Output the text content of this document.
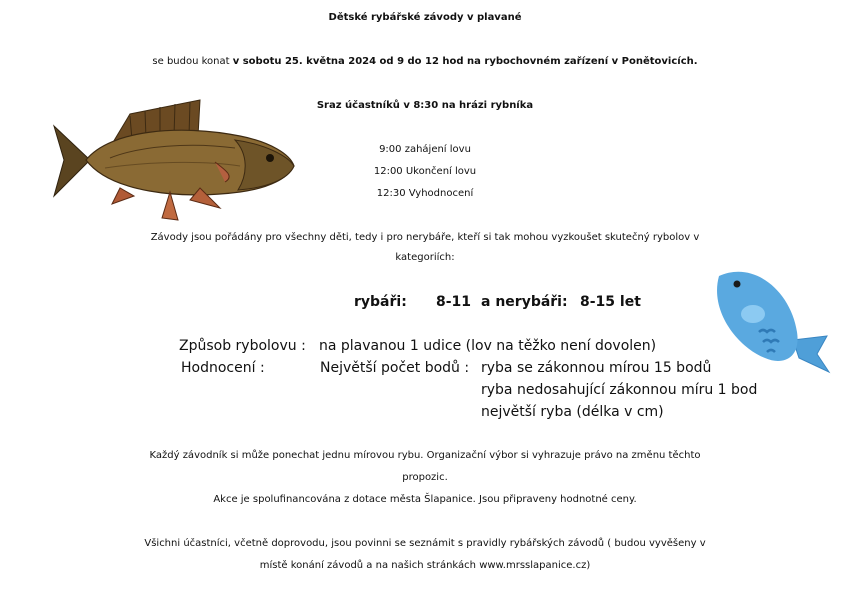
Dětské rybářské závody v plavané
se budou konat v sobotu 25. května 2024 od 9 do 12 hod na rybochovném zařízení v Ponětovicích.
Sraz účastníků v 8:30 na hrázi rybníka
9:00 zahájení lovu
12:00 Ukončení lovu
12:30 Vyhodnocení
Závody jsou pořádány pro všechny děti, tedy i pro nerybáře, kteří si tak mohou vyzkoušet skutečný rybolov v
kategoriích:
rybáři: 8-11 a nerybáři: 8-15 let
Způsob rybolovu : na plavanou 1 udice (lov na těžko není dovolen)
Hodnocení :	Největší počet bodů : ryba se zákonnou mírou 15 bodů
ryba nedosahující zákonnou míru 1 bod
největší ryba (délka v cm)
Každý závodník si může ponechat jednu mírovou rybu. Organizační výbor si vyhrazuje právo na změnu těchto
propozic.
Akce je spolufinancována z dotace města Šlapanice. Jsou připraveny hodnotné ceny.
Všichni účastníci, včetně doprovodu, jsou povinni se seznámit s pravidly rybářských závodů ( budou vyvěšeny v
místě konání závodů a na našich stránkách www.mrsslapanice.cz)
